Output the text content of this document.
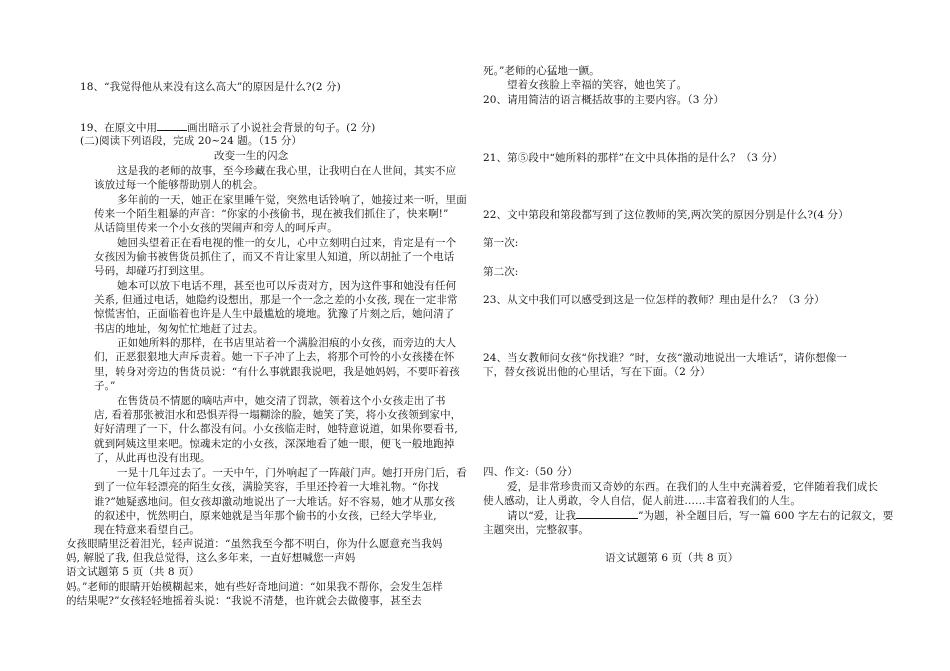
18、“我觉得他从来没有这么高大”的原因是什么?(2 分)
19、在原文中用	画出暗示了小说社会背景的句子。(2 分)
(二)阅读下列语段，完成 20~24 题。（15 分）
改变一生的闪念
这是我的老师的故事，至今珍藏在我心里，让我明白在人世间，其实不应
该放过每一个能够帮助别人的机会。
多年前的一天，她正在家里睡午觉，突然电话铃响了，她接过来一听，里面
传来一个陌生粗暴的声音：“你家的小孩偷书，现在被我们抓住了，快来啊!”
从话筒里传来一个小女孩的哭闹声和旁人的呵斥声。
她回头望着正在看电视的惟一的女儿，心中立刻明白过来，肯定是有一个
女孩因为偷书被售货员抓住了，而又不肯让家里人知道，所以胡扯了一个电话
号码，却碰巧打到这里。
她本可以放下电话不理，甚至也可以斥责对方，因为这件事和她没有任何
关系, 但通过电话，她隐约设想出，那是一个一念之差的小女孩, 现在一定非常
惊慌害怕，正面临着也许是人生中最尴尬的境地。犹豫了片刻之后，她问清了
书店的地址，匆匆忙忙地赶了过去。
正如她所料的那样，在书店里站着一个满脸泪痕的小女孩，而旁边的大人
们，正恶狠狠地大声斥责着。她一下子冲了上去，将那个可怜的小女孩搂在怀
里，转身对旁边的售货员说：“有什么事就跟我说吧，我是她妈妈，不要吓着孩
子。”
在售货员不情愿的嘀咕声中，她交清了罚款，领着这个小女孩走出了书
店, 看着那张被泪水和恐惧弄得一塌糊涂的脸，她笑了笑，将小女孩领到家中，
好好清理了一下，什么都没有问。小女孩临走时，她特意说道，如果你要看书,
就到阿姨这里来吧。惊魂未定的小女孩，深深地看了她一眼，便飞一般地跑掉
了，从此再也没有出现。
一晃十几年过去了。一天中午，门外响起了一阵敲门声。她打开房门后，看
到了一位年轻漂亮的陌生女孩，满脸笑容，手里还拎着一大堆礼物。“你找
谁?”她疑惑地问。但女孩却激动地说出了一大堆话。好不容易，她才从那女孩
的叙述中，恍然明白，原来她就是当年那个偷书的小女孩，已经大学毕业,
现在特意来看望自己。
女孩眼睛里泛着泪光，轻声说道：“虽然我至今都不明白，你为什么愿意充当我妈
妈, 解脱了我, 但我总觉得，这么多年来，一直好想喊您一声妈
语文试题第 5 页（共 8 页）
妈。”老师的眼睛开始模糊起来，她有些好奇地问道：“如果我不帮你，会发生怎样
的结果呢?”女孩轻轻地摇着头说：“我说不清楚，也许就会去做傻事，甚至去
死。”老师的心猛地一颤。
望着女孩脸上幸福的笑容，她也笑了。
20、请用简洁的语言概括故事的主要内容。（3 分）
21、第⑤段中“她所料的那样”在文中具体指的是什么？（3 分）
22、文中第段和第段都写到了这位教师的笑,两次笑的原因分别是什么?(4 分）
第一次:
第二次:
23、从文中我们可以感受到这是一位怎样的教师？理由是什么？（3 分）
24、当女教师问女孩“你找谁？”时，女孩“激动地说出一大堆话”，请你想像一
下，替女孩说出他的心里话，写在下面。（2 分）
四、作文:（50 分）
爱，是非常珍贵而又奇妙的东西。在我们的人生中充满着爱，它伴随着我们成长
使人感动，让人勇敢，令人自信，促人前进……丰富着我们的人生。
请以“爱，让我	”为题，补全题目后，写一篇 600 字左右的记叙文，要
主题突出，完整叙事。
语文试题第 6 页（共 8 页）
